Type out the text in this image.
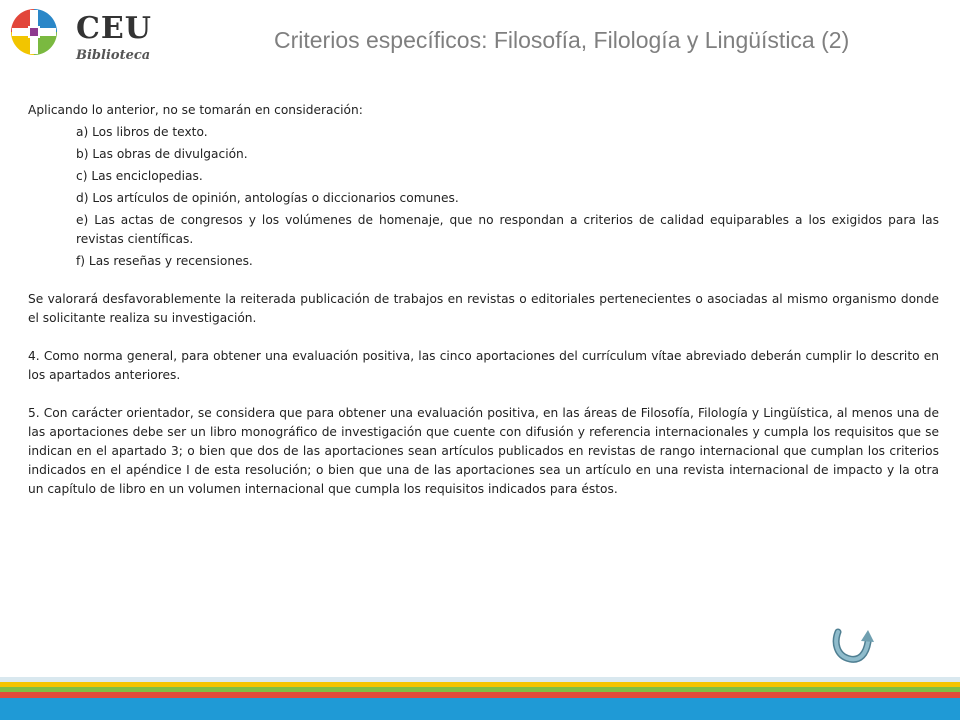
CEU
Biblioteca
Criterios específicos: Filosofía, Filología y Lingüística (2)

Aplicando lo anterior, no se tomarán en consideración:

a) Los libros de texto.

b) Las obras de divulgación.

c) Las enciclopedias.

d) Los artículos de opinión, antologías o diccionarios comunes.

e) Las actas de congresos y los volúmenes de homenaje, que no respondan a criterios de calidad equiparables a los exigidos para las revistas científicas.

f) Las reseñas y recensiones.

Se valorará desfavorablemente la reiterada publicación de trabajos en revistas o editoriales pertenecientes o asociadas al mismo organismo donde el solicitante realiza su investigación.

4. Como norma general, para obtener una evaluación positiva, las cinco aportaciones del currículum vítae abreviado deberán cumplir lo descrito en los apartados anteriores.

5. Con carácter orientador, se considera que para obtener una evaluación positiva, en las áreas de Filosofía, Filología y Lingüística, al menos una de las aportaciones debe ser un libro monográfico de investigación que cuente con difusión y referencia internacionales y cumpla los requisitos que se indican en el apartado 3; o bien que dos de las aportaciones sean artículos publicados en revistas de rango internacional que cumplan los criterios indicados en el apéndice I de esta resolución; o bien que una de las aportaciones sea un artículo en una revista internacional de impacto y la otra un capítulo de libro en un volumen internacional que cumpla los requisitos indicados para éstos.
